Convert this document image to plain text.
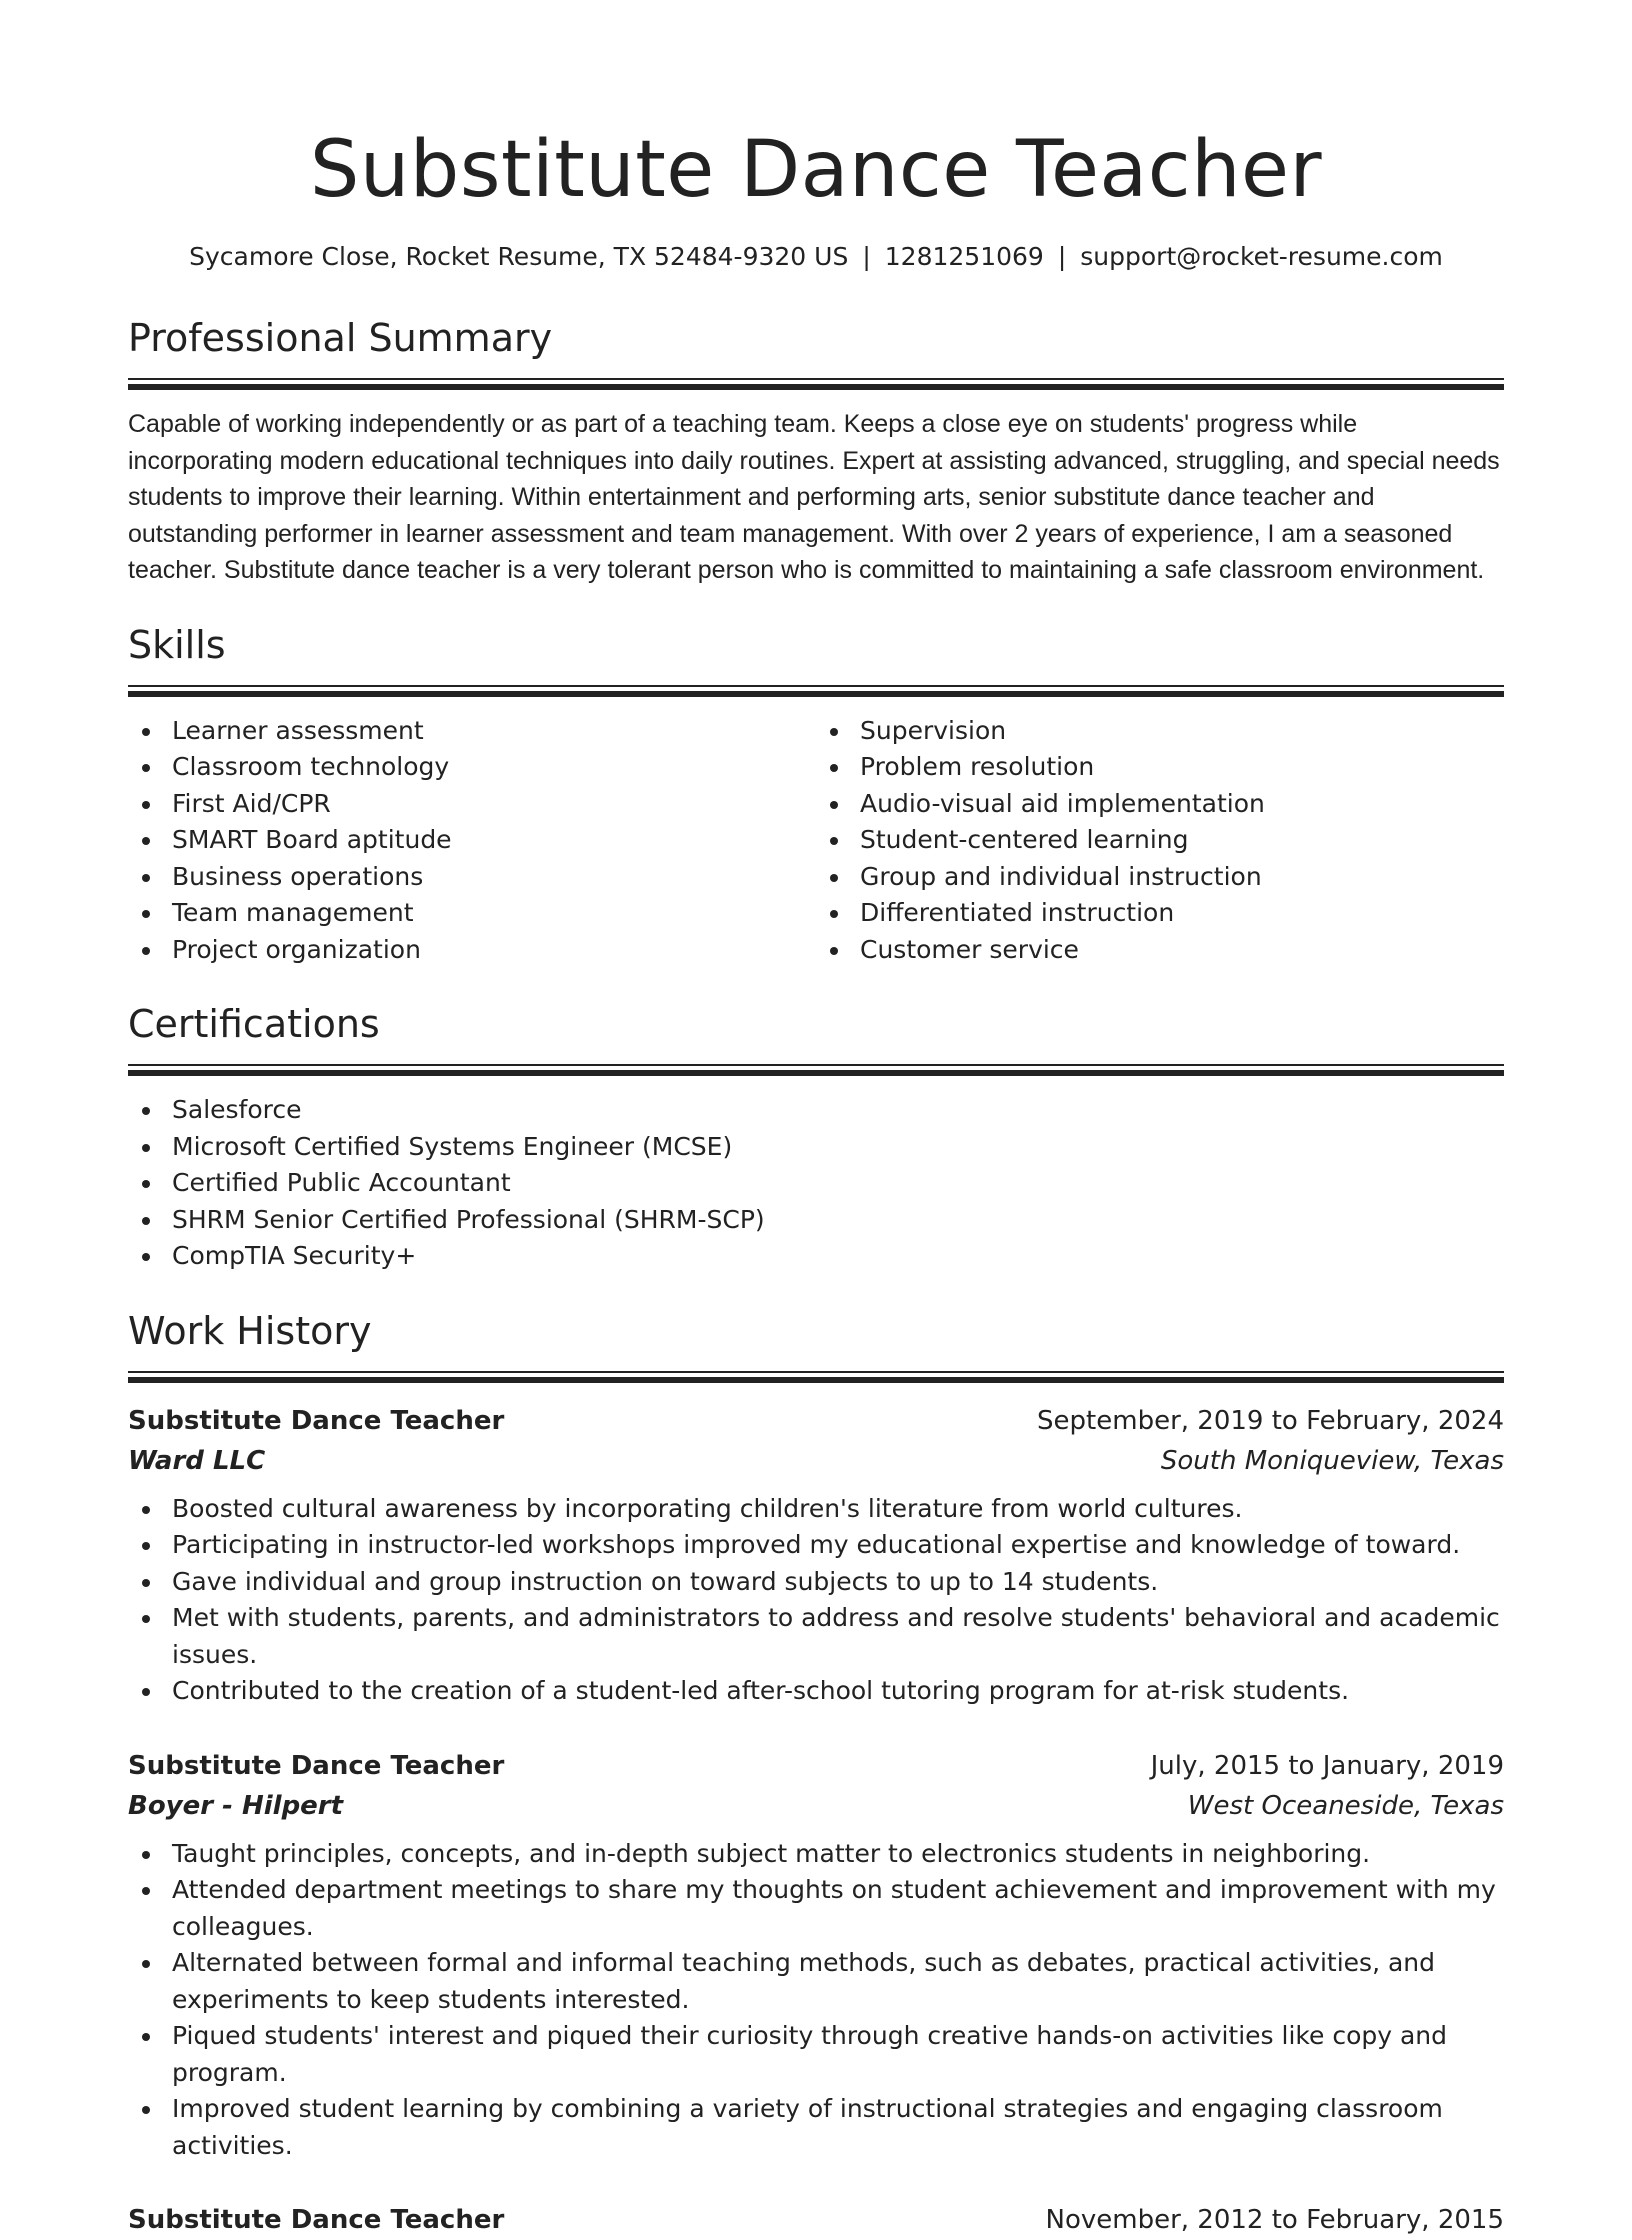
Substitute Dance Teacher
Sycamore Close, Rocket Resume, TX 52484-9320 US | 1281251069 | support@rocket-resume.com
Professional Summary

Capable of working independently or as part of a teaching team. Keeps a close eye on students' progress while incorporating modern educational techniques into daily routines. Expert at assisting advanced, struggling, and special needs students to improve their learning. Within entertainment and performing arts, senior substitute dance teacher and outstanding performer in learner assessment and team management. With over 2 years of experience, I am a seasoned teacher. Substitute dance teacher is a very tolerant person who is committed to maintaining a safe classroom environment.

Skills
Learner assessment
Classroom technology
First Aid/CPR
SMART Board aptitude
Business operations
Team management
Project organization
Supervision
Problem resolution
Audio-visual aid implementation
Student-centered learning
Group and individual instruction
Differentiated instruction
Customer service
Certifications
Salesforce
Microsoft Certified Systems Engineer (MCSE)
Certified Public Accountant
SHRM Senior Certified Professional (SHRM-SCP)
CompTIA Security+
Work History
Substitute Dance Teacher	September, 2019 to February, 2024
Ward LLC	South Moniqueview, Texas
Boosted cultural awareness by incorporating children's literature from world cultures.
Participating in instructor-led workshops improved my educational expertise and knowledge of toward.
Gave individual and group instruction on toward subjects to up to 14 students.
Met with students, parents, and administrators to address and resolve students' behavioral and academic issues.
Contributed to the creation of a student-led after-school tutoring program for at-risk students.
Substitute Dance Teacher	July, 2015 to January, 2019
Boyer - Hilpert	West Oceaneside, Texas
Taught principles, concepts, and in-depth subject matter to electronics students in neighboring.
Attended department meetings to share my thoughts on student achievement and improvement with my colleagues.
Alternated between formal and informal teaching methods, such as debates, practical activities, and experiments to keep students interested.
Piqued students' interest and piqued their curiosity through creative hands-on activities like copy and program.
Improved student learning by combining a variety of instructional strategies and engaging classroom activities.
Substitute Dance Teacher	November, 2012 to February, 2015
